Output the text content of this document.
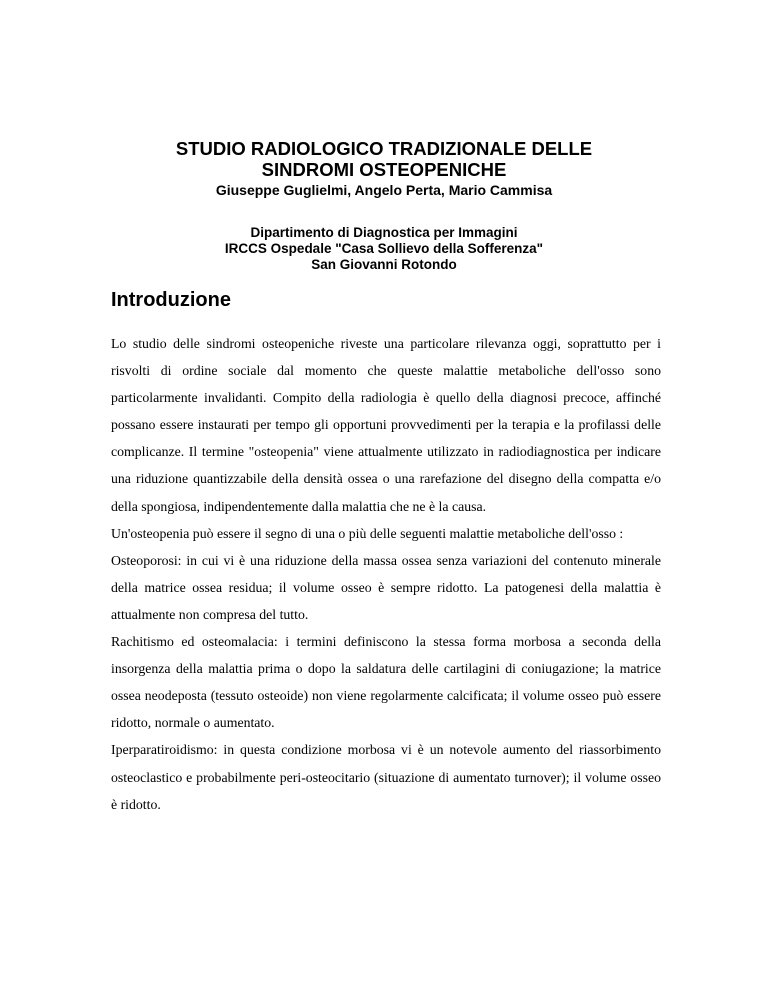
STUDIO RADIOLOGICO TRADIZIONALE DELLE
SINDROMI OSTEOPENICHE
Giuseppe Guglielmi, Angelo Perta, Mario Cammisa
Dipartimento di Diagnostica per Immagini
IRCCS Ospedale "Casa Sollievo della Sofferenza"
San Giovanni Rotondo
Introduzione

Lo studio delle sindromi osteopeniche riveste una particolare rilevanza oggi, soprattutto per i risvolti di ordine sociale dal momento che queste malattie metaboliche dell'osso sono particolarmente invalidanti. Compito della radiologia è quello della diagnosi precoce, affinché possano essere instaurati per tempo gli opportuni provvedimenti per la terapia e la profilassi delle complicanze. Il termine "osteopenia" viene attualmente utilizzato in radiodiagnostica per indicare una riduzione quantizzabile della densità ossea o una rarefazione del disegno della compatta e/o della spongiosa, indipendentemente dalla malattia che ne è la causa.

Un'osteopenia può essere il segno di una o più delle seguenti malattie metaboliche dell'osso :

Osteoporosi: in cui vi è una riduzione della massa ossea senza variazioni del contenuto minerale della matrice ossea residua; il volume osseo è sempre ridotto. La patogenesi della malattia è attualmente non compresa del tutto.

Rachitismo ed osteomalacia: i termini definiscono la stessa forma morbosa a seconda della insorgenza della malattia prima o dopo la saldatura delle cartilagini di coniugazione; la matrice ossea neodeposta (tessuto osteoide) non viene regolarmente calcificata; il volume osseo può essere ridotto, normale o aumentato.

Iperparatiroidismo: in questa condizione morbosa vi è un notevole aumento del riassorbimento osteoclastico e probabilmente peri-osteocitario (situazione di aumentato turnover); il volume osseo è ridotto.
